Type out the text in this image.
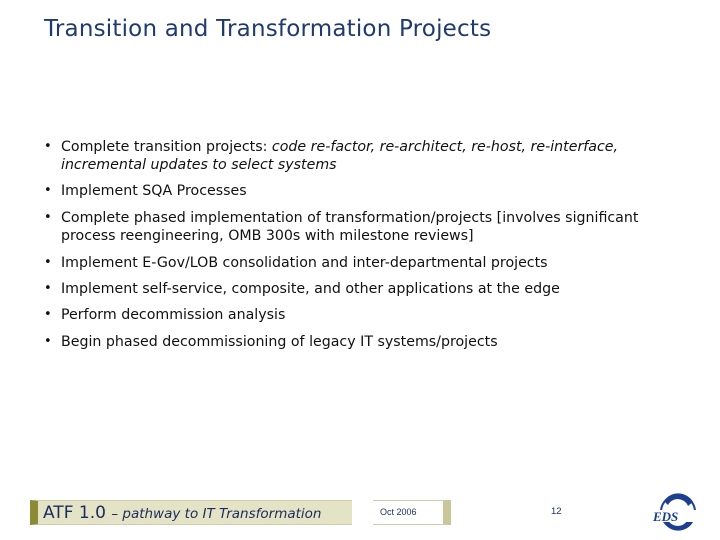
Transition and Transformation Projects
• Complete transition projects: code re-factor, re-architect, re-host, re-interface, incremental updates to select systems
• Implement SQA Processes
• Complete phased implementation of transformation/projects [involves significant process reengineering, OMB 300s with milestone reviews]
• Implement E-Gov/LOB consolidation and inter-departmental projects
• Implement self-service, composite, and other applications at the edge
• Perform decommission analysis
• Begin phased decommissioning of legacy IT systems/projects
ATF 1.0 – pathway to IT Transformation	Oct 2006	12	EDS
